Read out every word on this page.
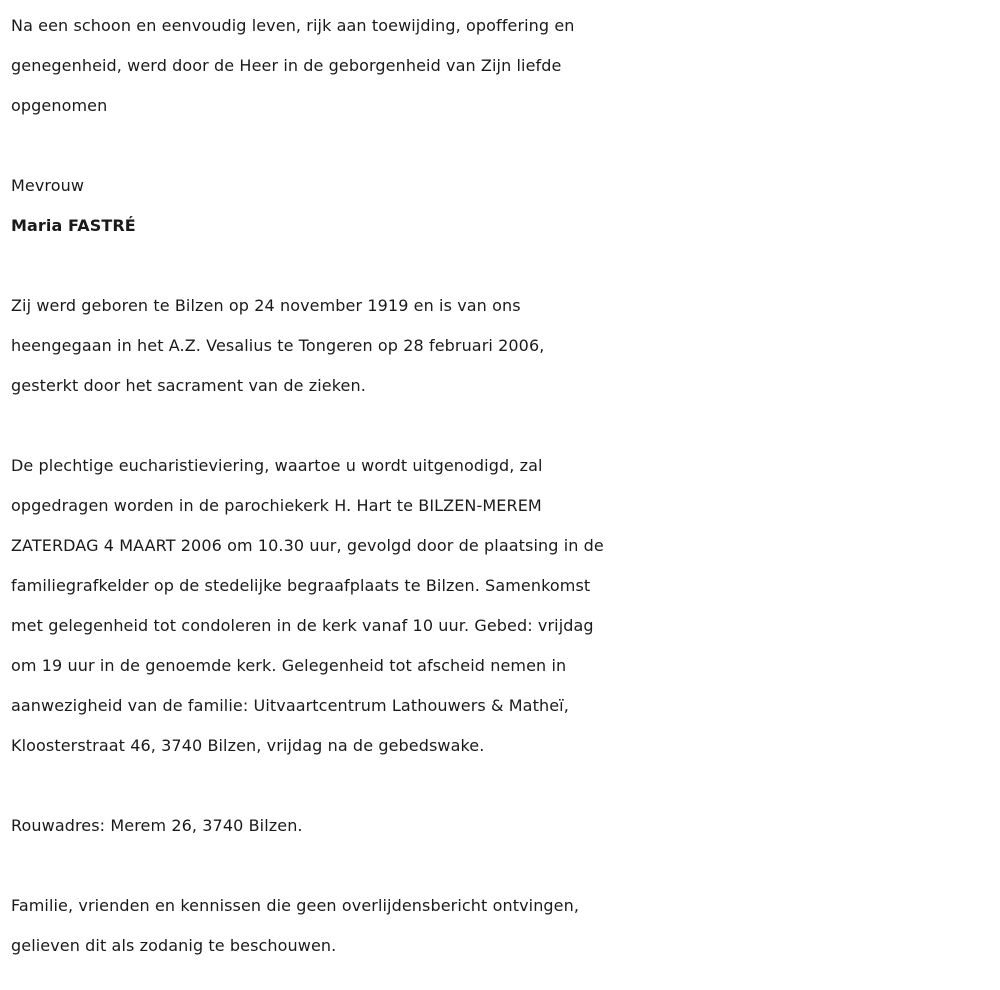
Na een schoon en eenvoudig leven, rijk aan toewijding, opoffering en
genegenheid, werd door de Heer in de geborgenheid van Zijn liefde
opgenomen
Mevrouw
Maria FASTRÉ
Zij werd geboren te Bilzen op 24 november 1919 en is van ons
heengegaan in het A.Z. Vesalius te Tongeren op 28 februari 2006,
gesterkt door het sacrament van de zieken.
De plechtige eucharistieviering, waartoe u wordt uitgenodigd, zal
opgedragen worden in de parochiekerk H. Hart te BILZEN-MEREM
ZATERDAG 4 MAART 2006 om 10.30 uur, gevolgd door de plaatsing in de
familiegrafkelder op de stedelijke begraafplaats te Bilzen. Samenkomst
met gelegenheid tot condoleren in de kerk vanaf 10 uur. Gebed: vrijdag
om 19 uur in de genoemde kerk. Gelegenheid tot afscheid nemen in
aanwezigheid van de familie: Uitvaartcentrum Lathouwers & Matheï,
Kloosterstraat 46, 3740 Bilzen, vrijdag na de gebedswake.
Rouwadres: Merem 26, 3740 Bilzen.
Familie, vrienden en kennissen die geen overlijdensbericht ontvingen,
gelieven dit als zodanig te beschouwen.
